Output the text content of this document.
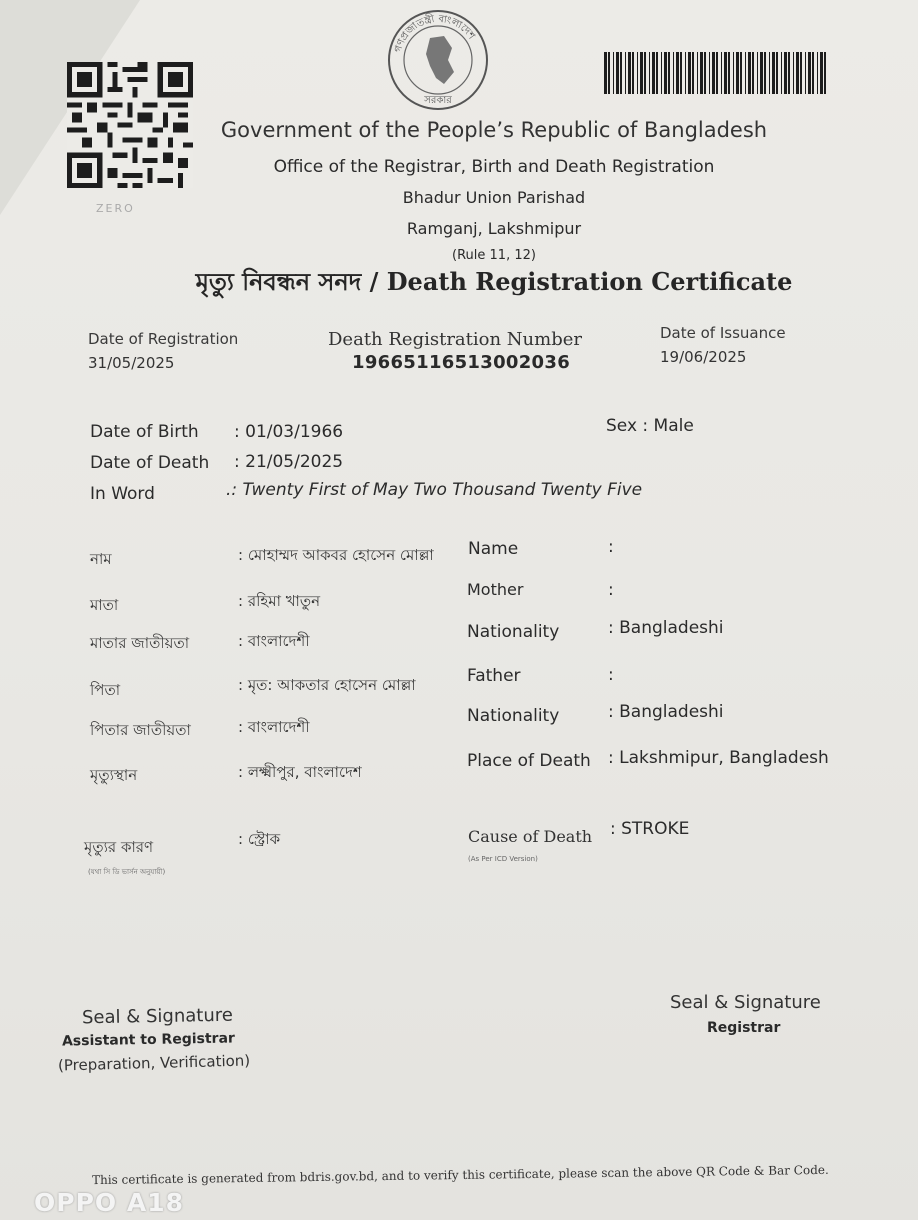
ZERO

গণপ্রজাতন্ত্রী বাংলাদেশ
সরকার

Government of the People’s Republic of Bangladesh

Office of the Registrar, Birth and Death Registration

Bhadur Union Parishad

Ramganj, Lakshmipur

(Rule 11, 12)

মৃত্যু নিবন্ধন সনদ / Death Registration Certificate

Date of Registration

31/05/2025

Death Registration Number

19665116513002036

Date of Issuance

19/06/2025

Date of Birth : 01/03/1966

Date of Death : 21/05/2025

In Word	.: Twenty First of May Two Thousand Twenty Five

Sex : Male

নাম	: মোহাম্মদ আকবর হোসেন মোল্লা

মাতা	: রহিমা খাতুন

মাতার জাতীয়তা	: বাংলাদেশী

পিতা	: মৃত: আকতার হোসেন মোল্লা

পিতার জাতীয়তা	: বাংলাদেশী

মৃত্যুস্থান	: লক্ষ্মীপুর, বাংলাদেশ

মৃত্যুর কারণ	: স্ট্রোক

(যথা সি ডি ভার্সন অনুযায়ী)

Name	:

Mother	:

Nationality	: Bangladeshi

Father	:

Nationality	: Bangladeshi

Place of Death : Lakshmipur, Bangladesh

Cause of Death : STROKE

(As Per ICD Version)

Seal & Signature

Assistant to Registrar

(Preparation, Verification)

Seal & Signature

Registrar

This certificate is generated from bdris.gov.bd, and to verify this certificate, please scan the above QR Code & Bar Code.

OPPO A18
